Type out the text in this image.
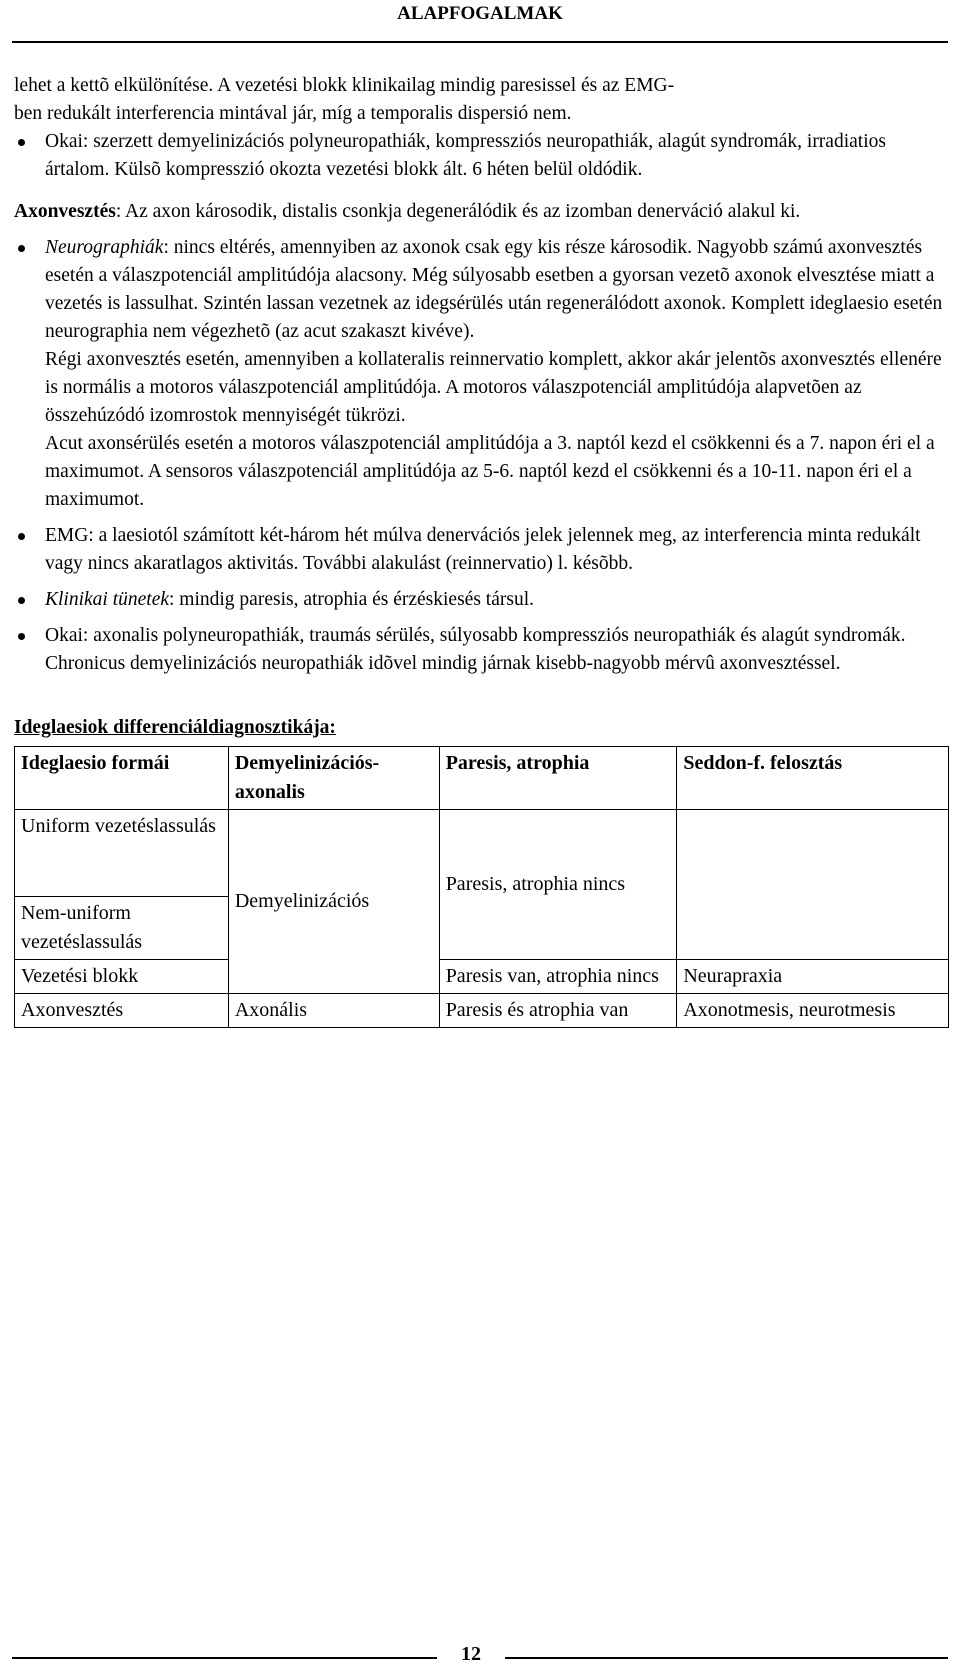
ALAPFOGALMAK

lehet a kettõ elkülönítése. A vezetési blokk klinikailag mindig paresissel és az EMG-

ben redukált interferencia mintával jár, míg a temporalis dispersió nem.

Okai: szerzett demyelinizációs polyneuropathiák, kompressziós neuropathiák, alagút syndromák, irradiatios ártalom. Külsõ kompresszió okozta vezetési blokk ált. 6 héten belül oldódik.

Axonvesztés: Az axon károsodik, distalis csonkja degenerálódik és az izomban denerváció alakul ki.

Neurographiák: nincs eltérés, amennyiben az axonok csak egy kis része károsodik. Nagyobb számú axonvesztés esetén a válaszpotenciál amplitúdója alacsony. Még súlyosabb esetben a gyorsan vezetõ axonok elvesztése miatt a vezetés is lassulhat. Szintén lassan vezetnek az idegsérülés után regenerálódott axonok. Komplett ideglaesio esetén neurographia nem végezhetõ (az acut szakaszt kivéve).

Régi axonvesztés esetén, amennyiben a kollateralis reinnervatio komplett, akkor akár jelentõs axonvesztés ellenére is normális a motoros válaszpotenciál amplitúdója. A motoros válaszpotenciál amplitúdója alapvetõen az összehúzódó izomrostok mennyiségét tükrözi.

Acut axonsérülés esetén a motoros válaszpotenciál amplitúdója a 3. naptól kezd el csökkenni és a 7. napon éri el a maximumot. A sensoros válaszpotenciál amplitúdója az 5-6. naptól kezd el csökkenni és a 10-11. napon éri el a maximumot.

EMG: a laesiotól számított két-három hét múlva denervációs jelek jelennek meg, az interferencia minta redukált vagy nincs akaratlagos aktivitás. További alakulást (reinnervatio) l. késõbb.
Klinikai tünetek: mindig paresis, atrophia és érzéskiesés társul.
Okai: axonalis polyneuropathiák, traumás sérülés, súlyosabb kompressziós neuropathiák és alagút syndromák. Chronicus demyelinizációs neuropathiák idõvel mindig járnak kisebb-nagyobb mérvû axonvesztéssel.

Ideglaesiok differenciáldiagnosztikája:

Ideglaesio formái	Demyelinizációs-axonalis	Paresis, atrophia	Seddon-f. felosztás
Uniform vezetéslassulás	Demyelinizációs	Paresis, atrophia nincs	
Nem-uniform vezetéslassulás			
Vezetési blokk		Paresis van, atrophia nincs	Neurapraxia
Axonvesztés	Axonális	Paresis és atrophia van	Axonotmesis, neurotmesis
12
